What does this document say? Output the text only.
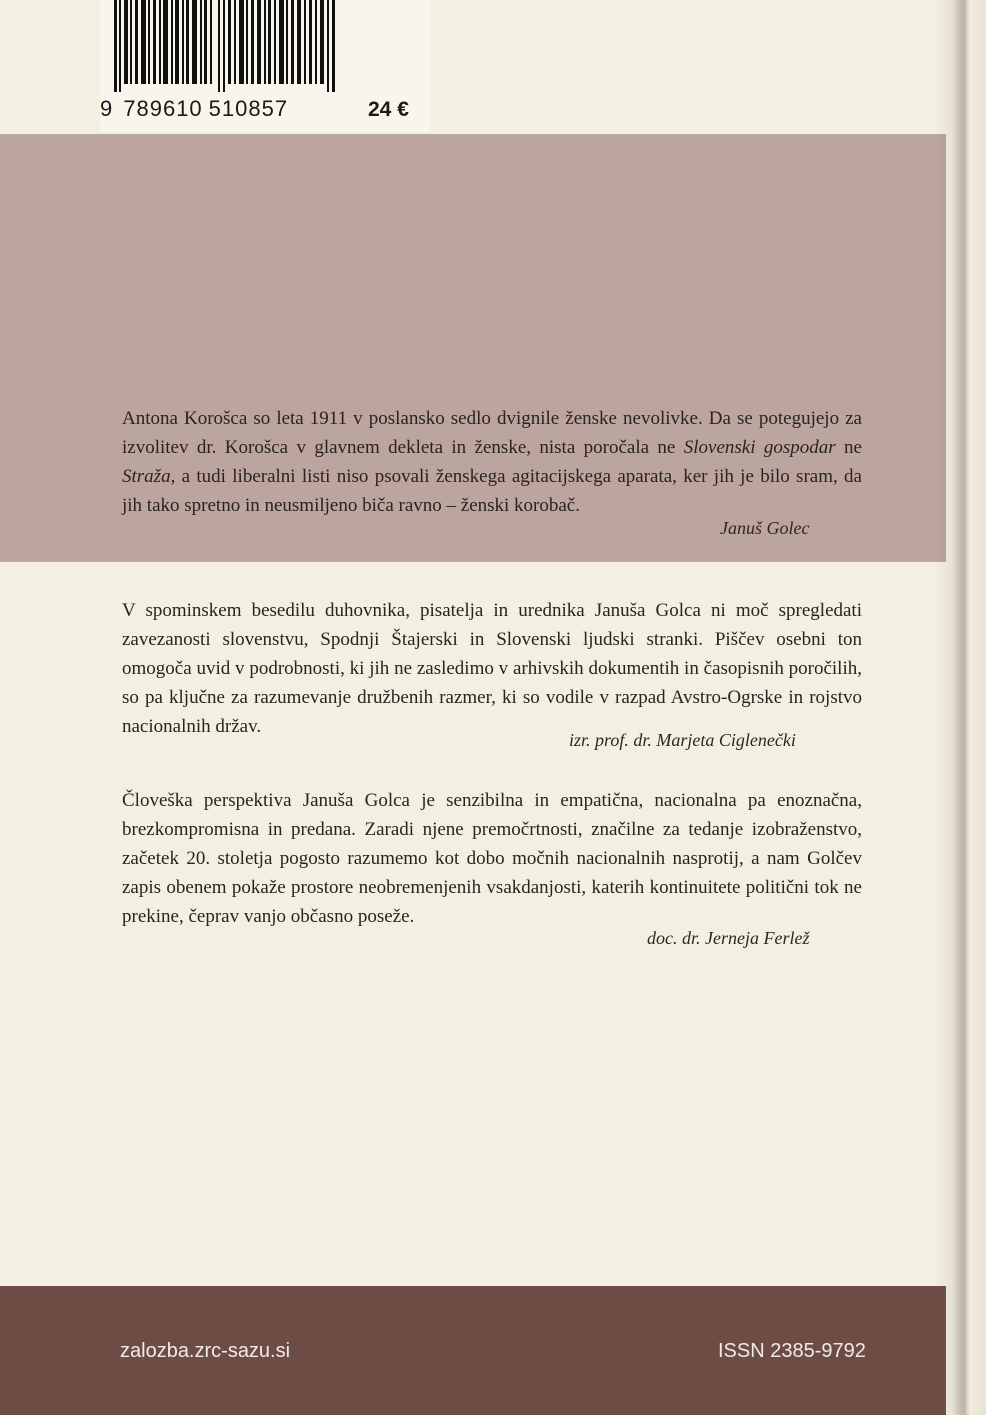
9 789610 510857	24 €

Antona Korošca so leta 1911 v poslansko sedlo dvignile ženske nevolivke. Da se potegujejo za izvolitev dr. Korošca v glavnem dekleta in ženske, nista poročala ne Slovenski gospodar ne Straža, a tudi liberalni listi niso psovali ženskega agitacijskega aparata, ker jih je bilo sram, da jih tako spretno in neusmiljeno biča ravno – ženski korobač.

Januš Golec

V spominskem besedilu duhovnika, pisatelja in urednika Januša Golca ni moč spregledati zavezanosti slovenstvu, Spodnji Štajerski in Slovenski ljudski stranki. Piščev osebni ton omogoča uvid v podrobnosti, ki jih ne zasledimo v arhivskih dokumentih in časopisnih poročilih, so pa ključne za razumevanje družbenih razmer, ki so vodile v razpad Avstro-Ogrske in rojstvo nacionalnih držav.

izr. prof. dr. Marjeta Ciglenečki

Človeška perspektiva Januša Golca je senzibilna in empatična, nacionalna pa enoznačna, brezkompromisna in predana. Zaradi njene premočrtnosti, značilne za tedanje izobraženstvo, začetek 20. stoletja pogosto razumemo kot dobo močnih nacionalnih nasprotij, a nam Golčev zapis obenem pokaže prostore neobremenjenih vsakdanjosti, katerih kontinuitete politični tok ne prekine, čeprav vanjo občasno poseže.

doc. dr. Jerneja Ferlež
zalozba.zrc-sazu.si	ISSN 2385-9792
